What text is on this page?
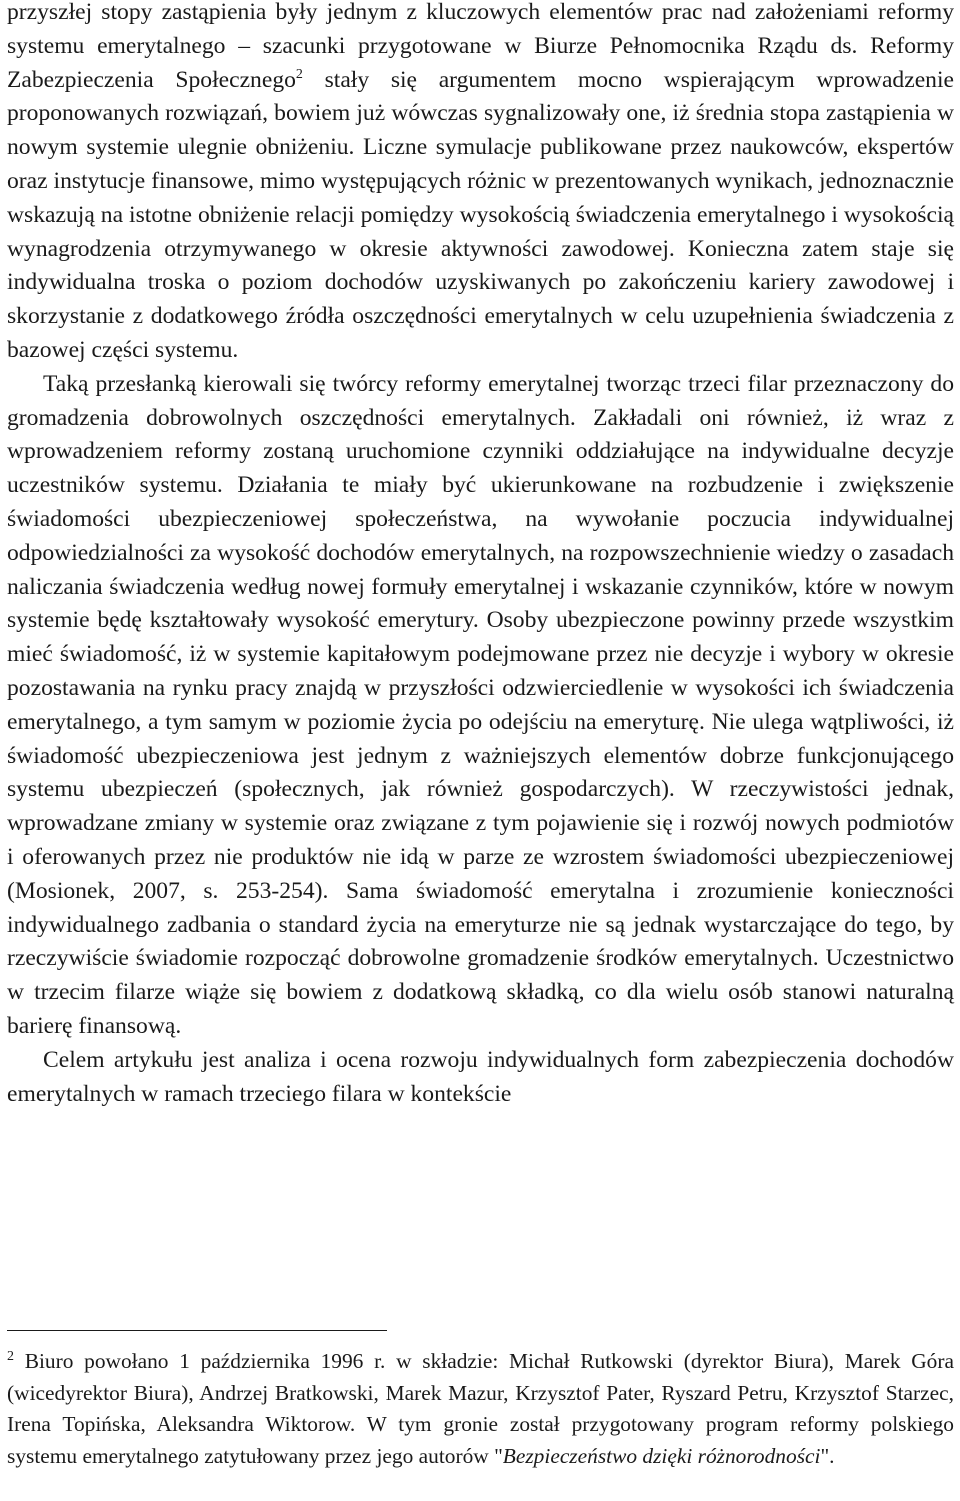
przyszłej stopy zastąpienia były jednym z kluczowych elementów prac nad założeniami reformy systemu emerytalnego – szacunki przygotowane w Biurze Pełnomocnika Rządu ds. Reformy Zabezpieczenia Społecznego$^2$ stały się argumentem mocno wspierającym wprowadzenie proponowanych rozwiązań, bowiem już wówczas sygnalizowały one, iż średnia stopa zastąpienia w nowym systemie ulegnie obniżeniu. Liczne symulacje publikowane przez naukowców, ekspertów oraz instytucje finansowe, mimo występujących różnic w prezentowanych wynikach, jednoznacznie wskazują na istotne obniżenie relacji pomiędzy wysokością świadczenia emerytalnego i wysokością wynagrodzenia otrzymywanego w okresie aktywności zawodowej. Konieczna zatem staje się indywidualna troska o poziom dochodów uzyskiwanych po zakończeniu kariery zawodowej i skorzystanie z dodatkowego źródła oszczędności emerytalnych w celu uzupełnienia świadczenia z bazowej części systemu.

Taką przesłanką kierowali się twórcy reformy emerytalnej tworząc trzeci filar przeznaczony do gromadzenia dobrowolnych oszczędności emerytalnych. Zakładali oni również, iż wraz z wprowadzeniem reformy zostaną uruchomione czynniki oddziałujące na indywidualne decyzje uczestników systemu. Działania te miały być ukierunkowane na rozbudzenie i zwiększenie świadomości ubezpieczeniowej społeczeństwa, na wywołanie poczucia indywidualnej odpowiedzialności za wysokość dochodów emerytalnych, na rozpowszechnienie wiedzy o zasadach naliczania świadczenia według nowej formuły emerytalnej i wskazanie czynników, które w nowym systemie będę kształtowały wysokość emerytury. Osoby ubezpieczone powinny przede wszystkim mieć świadomość, iż w systemie kapitałowym podejmowane przez nie decyzje i wybory w okresie pozostawania na rynku pracy znajdą w przyszłości odzwierciedlenie w wysokości ich świadczenia emerytalnego, a tym samym w poziomie życia po odejściu na emeryturę. Nie ulega wątpliwości, iż świadomość ubezpieczeniowa jest jednym z ważniejszych elementów dobrze funkcjonującego systemu ubezpieczeń (społecznych, jak również gospodarczych). W rzeczywistości jednak, wprowadzane zmiany w systemie oraz związane z tym pojawienie się i rozwój nowych podmiotów i oferowanych przez nie produktów nie idą w parze ze wzrostem świadomości ubezpieczeniowej (Mosionek, 2007, s. 253-254). Sama świadomość emerytalna i zrozumienie konieczności indywidualnego zadbania o standard życia na emeryturze nie są jednak wystarczające do tego, by rzeczywiście świadomie rozpocząć dobrowolne gromadzenie środków emerytalnych. Uczestnictwo w trzecim filarze wiąże się bowiem z dodatkową składką, co dla wielu osób stanowi naturalną barierę finansową.

Celem artykułu jest analiza i ocena rozwoju indywidualnych form zabezpieczenia dochodów emerytalnych w ramach trzeciego filara w kontekście

$^2$ Biuro powołano 1 października 1996 r. w składzie: Michał Rutkowski (dyrektor Biura), Marek Góra (wicedyrektor Biura), Andrzej Bratkowski, Marek Mazur, Krzysztof Pater, Ryszard Petru, Krzysztof Starzec, Irena Topińska, Aleksandra Wiktorow. W tym gronie został przygotowany program reformy polskiego systemu emerytalnego zatytułowany przez jego autorów "Bezpieczeństwo dzięki różnorodności".
